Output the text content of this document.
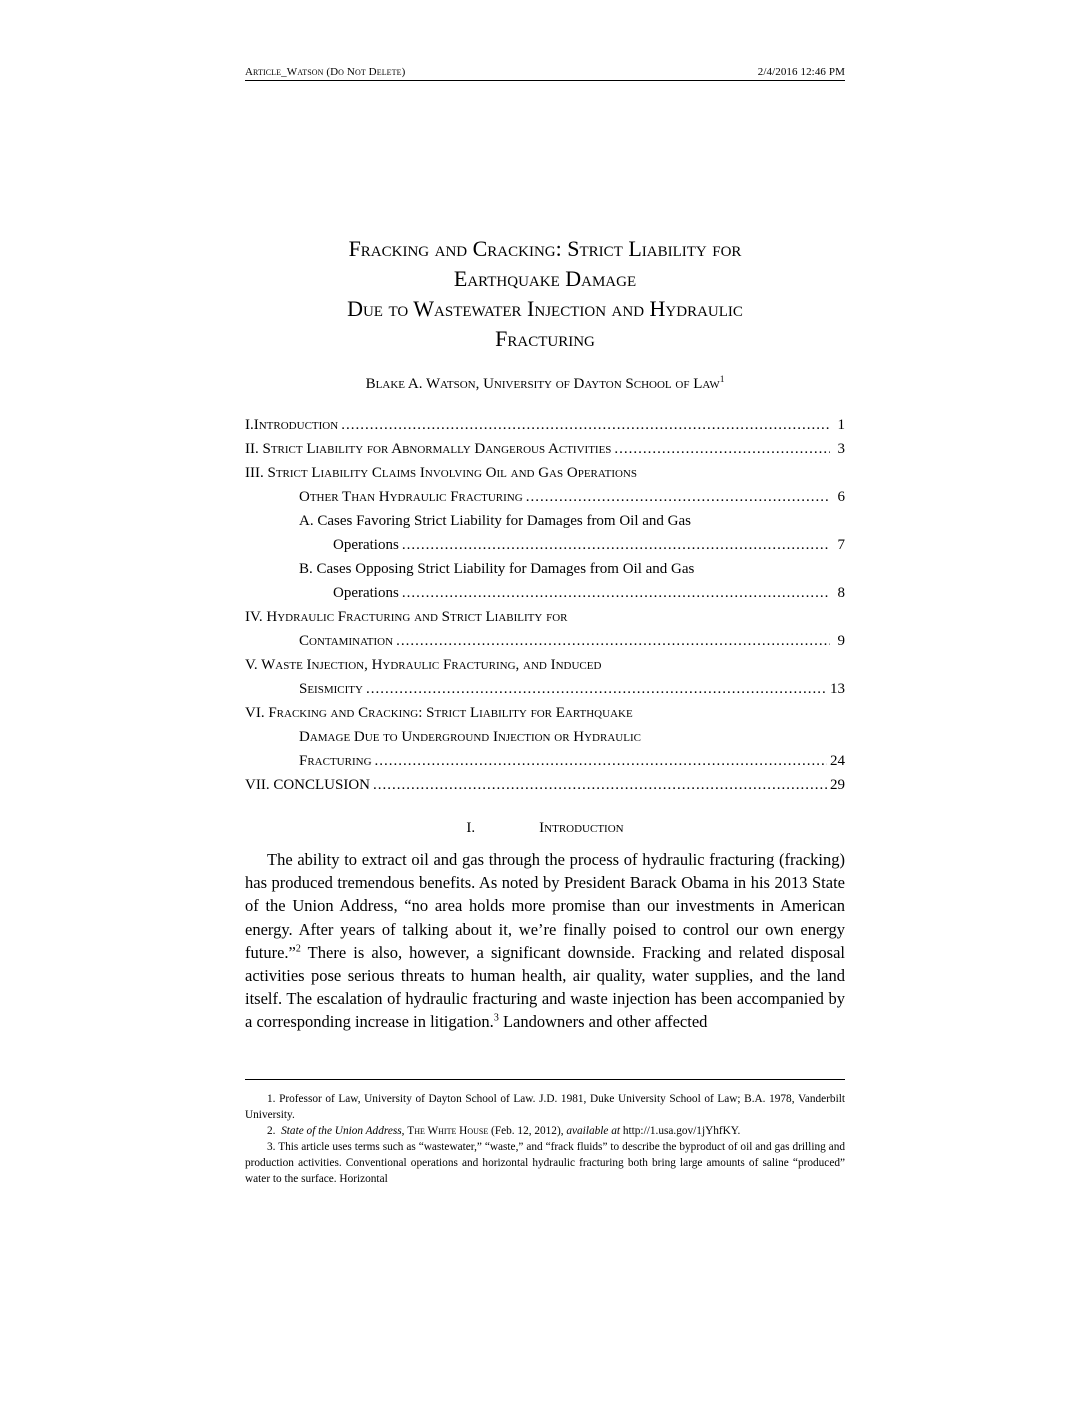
Article_Watson (Do Not Delete)	2/4/2016 12:46 PM
Fracking and Cracking: Strict Liability for
Earthquake Damage
Due to Wastewater Injection and Hydraulic
Fracturing
Blake A. Watson, University of Dayton School of Law$^1$
I.Introduction .....	1
II. Strict Liability for Abnormally Dangerous Activities .....	3
III. Strict Liability Claims Involving Oil and Gas Operations
Other Than Hydraulic Fracturing .....	6
A. Cases Favoring Strict Liability for Damages from Oil and Gas
Operations .....	7
B. Cases Opposing Strict Liability for Damages from Oil and Gas
Operations .....	8
IV. Hydraulic Fracturing and Strict Liability for
Contamination .....	9
V. Waste Injection, Hydraulic Fracturing, and Induced
Seismicity .....	13
VI. Fracking and Cracking: Strict Liability for Earthquake
Damage Due to Underground Injection or Hydraulic
Fracturing .....	24
VII. CONCLUSION .....	29
I.	Introduction

The ability to extract oil and gas through the process of hydraulic fracturing (fracking) has produced tremendous benefits. As noted by President Barack Obama in his 2013 State of the Union Address, “no area holds more promise than our investments in American energy. After years of talking about it, we’re finally poised to control our own energy future.”$^2$ There is also, however, a significant downside. Fracking and related disposal activities pose serious threats to human health, air quality, water supplies, and the land itself. The escalation of hydraulic fracturing and waste injection has been accompanied by a corresponding increase in litigation.$^3$ Landowners and other affected

1. Professor of Law, University of Dayton School of Law. J.D. 1981, Duke University School of Law; B.A. 1978, Vanderbilt University.

2. State of the Union Address, The White House (Feb. 12, 2012), available at http://1.usa.gov/1jYhfKY.

3. This article uses terms such as “wastewater,” “waste,” and “frack fluids” to describe the byproduct of oil and gas drilling and production activities. Conventional operations and horizontal hydraulic fracturing both bring large amounts of saline “produced” water to the surface. Horizontal
